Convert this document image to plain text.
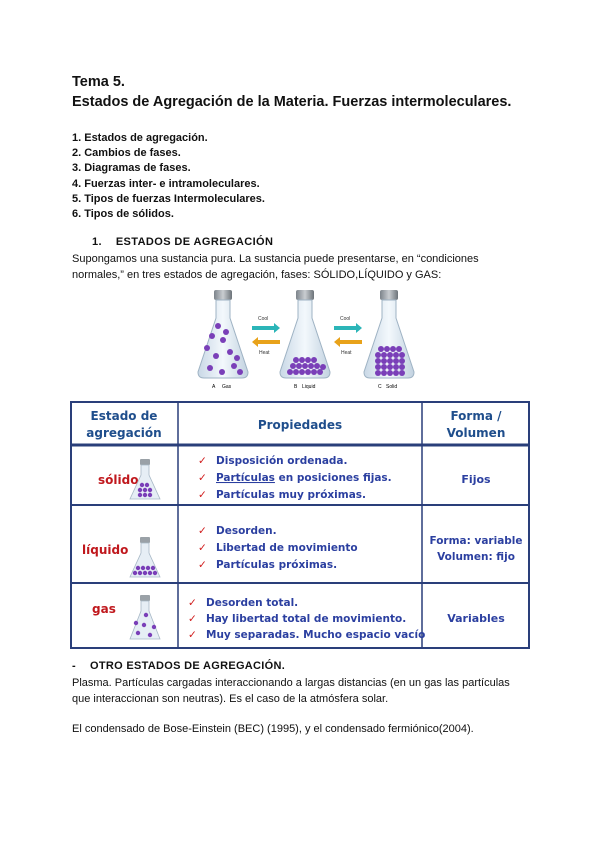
Tema 5.
Estados de Agregación de la Materia. Fuerzas intermoleculares.
1. Estados de agregación.
2. Cambios de fases.
3. Diagramas de fases.
4. Fuerzas inter- e intramoleculares.
5. Tipos de fuerzas Intermoleculares.
6. Tipos de sólidos.
1. ESTADOS DE AGREGACIÓN
Supongamos una sustancia pura. La sustancia puede presentarse, en “condiciones
normales,” en tres estados de agregación, fases: SÓLIDO,LÍQUIDO y GAS:
A Gas
Cool
Heat
B Liquid
Cool
Heat
C Solid
Estado de
agregación
Propiedades
Forma /
Volumen
sólido
✓ Disposición ordenada.
✓ Partículas en posiciones fijas.
✓ Partículas muy próximas.
Fijos
líquido
✓ Desorden.
✓ Libertad de movimiento
✓ Partículas próximas.
Forma: variable
Volumen: fijo
gas	✓ Desorden total.
✓ Hay libertad total de movimiento.
✓ Muy separadas. Mucho espacio vacío
Variables
- OTRO ESTADOS DE AGREGACIÓN.
Plasma. Partículas cargadas interaccionando a largas distancias (en un gas las partículas
que interaccionan son neutras). Es el caso de la atmósfera solar.
El condensado de Bose-Einstein (BEC) (1995), y el condensado fermiónico(2004).
